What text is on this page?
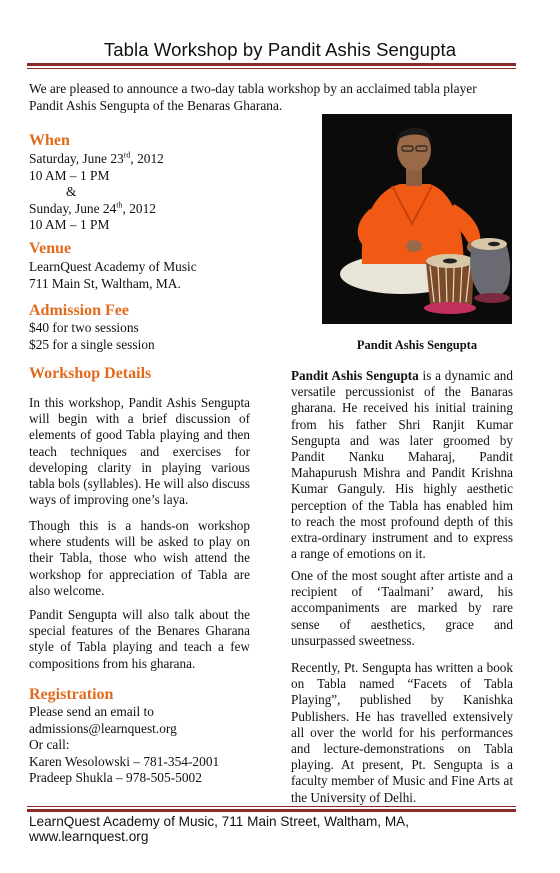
Tabla Workshop by Pandit Ashis Sengupta
We are pleased to announce a two-day tabla workshop by an acclaimed tabla player Pandit Ashis Sengupta of the Benaras Gharana.
When
Saturday, June 23rd, 2012
10 AM – 1 PM
&
Sunday, June 24th, 2012
10 AM – 1 PM
Venue
LearnQuest Academy of Music
711 Main St, Waltham, MA.
Admission Fee
$40 for two sessions
$25 for a single session
Workshop Details
In this workshop, Pandit Ashis Sengupta will begin with a brief discussion of elements of good Tabla playing and then teach techniques and exercises for developing clarity in playing various tabla bols (syllables). He will also discuss ways of improving one’s laya.
Though this is a hands-on workshop where students will be asked to play on their Tabla, those who wish attend the workshop for appreciation of Tabla are also welcome.
Pandit Sengupta will also talk about the special features of the Benares Gharana style of Tabla playing and teach a few compositions from his gharana.
Registration
Please send an email to
admissions@learnquest.org
Or call:
Karen Wesolowski – 781-354-2001
Pradeep Shukla – 978-505-5002
Pandit Ashis Sengupta
Pandit Ashis Sengupta is a dynamic and versatile percussionist of the Banaras gharana. He received his initial training from his father Shri Ranjit Kumar Sengupta and was later groomed by Pandit Nanku Maharaj, Pandit Mahapurush Mishra and Pandit Krishna Kumar Ganguly. His highly aesthetic perception of the Tabla has enabled him to reach the most profound depth of this extra-ordinary instrument and to express a range of emotions on it.
One of the most sought after artiste and a recipient of ‘Taalmani’ award, his accompaniments are marked by rare sense of aesthetics, grace and unsurpassed sweetness.
Recently, Pt. Sengupta has written a book on Tabla named “Facets of Tabla Playing”, published by Kanishka Publishers. He has travelled extensively all over the world for his performances and lecture-demonstrations on Tabla playing. At present, Pt. Sengupta is a faculty member of Music and Fine Arts at the University of Delhi.
LearnQuest Academy of Music, 711 Main Street, Waltham, MA, www.learnquest.org
